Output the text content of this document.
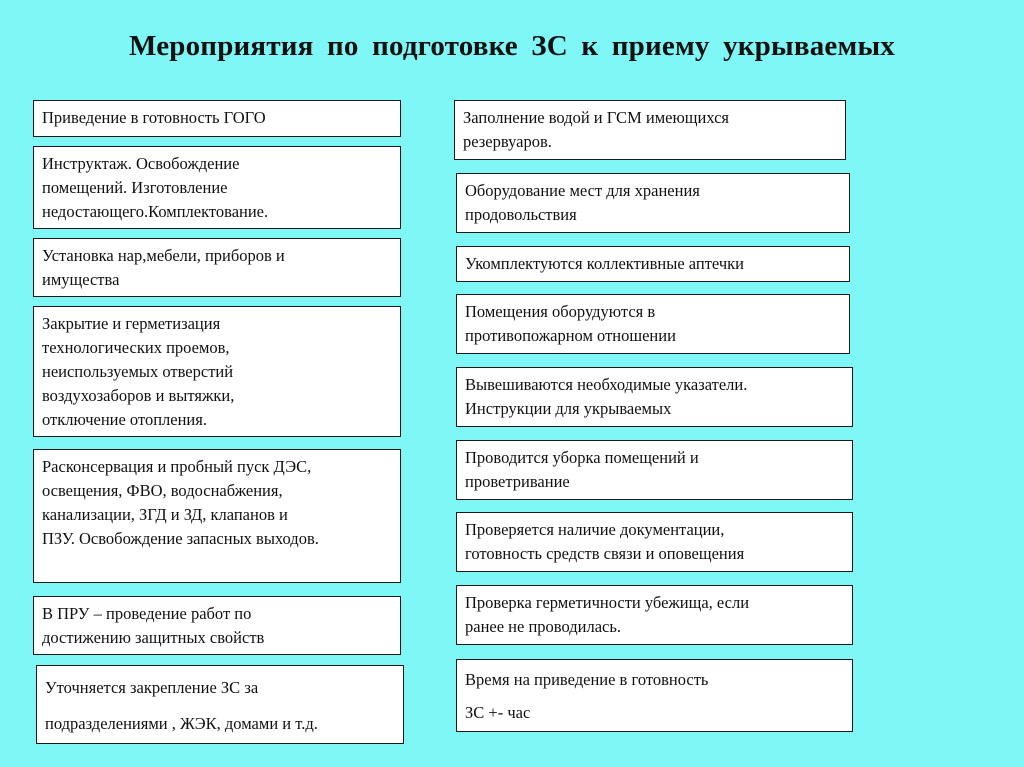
Мероприятия по подготовке ЗС к приему укрываемых
Приведение в готовность ГОГО
Инструктаж. Освобождение
помещений. Изготовление
недостающего.Комплектование.
Установка нар,мебели, приборов и
имущества
Закрытие и герметизация
технологических проемов,
неиспользуемых отверстий
воздухозаборов и вытяжки,
отключение отопления.
Расконсервация и пробный пуск ДЭС,
освещения, ФВО, водоснабжения,
канализации, ЗГД и ЗД, клапанов и
ПЗУ. Освобождение запасных выходов.
В ПРУ – проведение работ по
достижению защитных свойств
Уточняется закрепление ЗС за
подразделениями , ЖЭК, домами и т.д.
Заполнение водой и ГСМ имеющихся
резервуаров.
Оборудование мест для хранения
продовольствия
Укомплектуются коллективные аптечки
Помещения оборудуются в
противопожарном отношении
Вывешиваются необходимые указатели.
Инструкции для укрываемых
Проводится уборка помещений и
проветривание
Проверяется наличие документации,
готовность средств связи и оповещения
Проверка герметичности убежища, если
ранее не проводилась.
Время на приведение в готовность
ЗС +- час
